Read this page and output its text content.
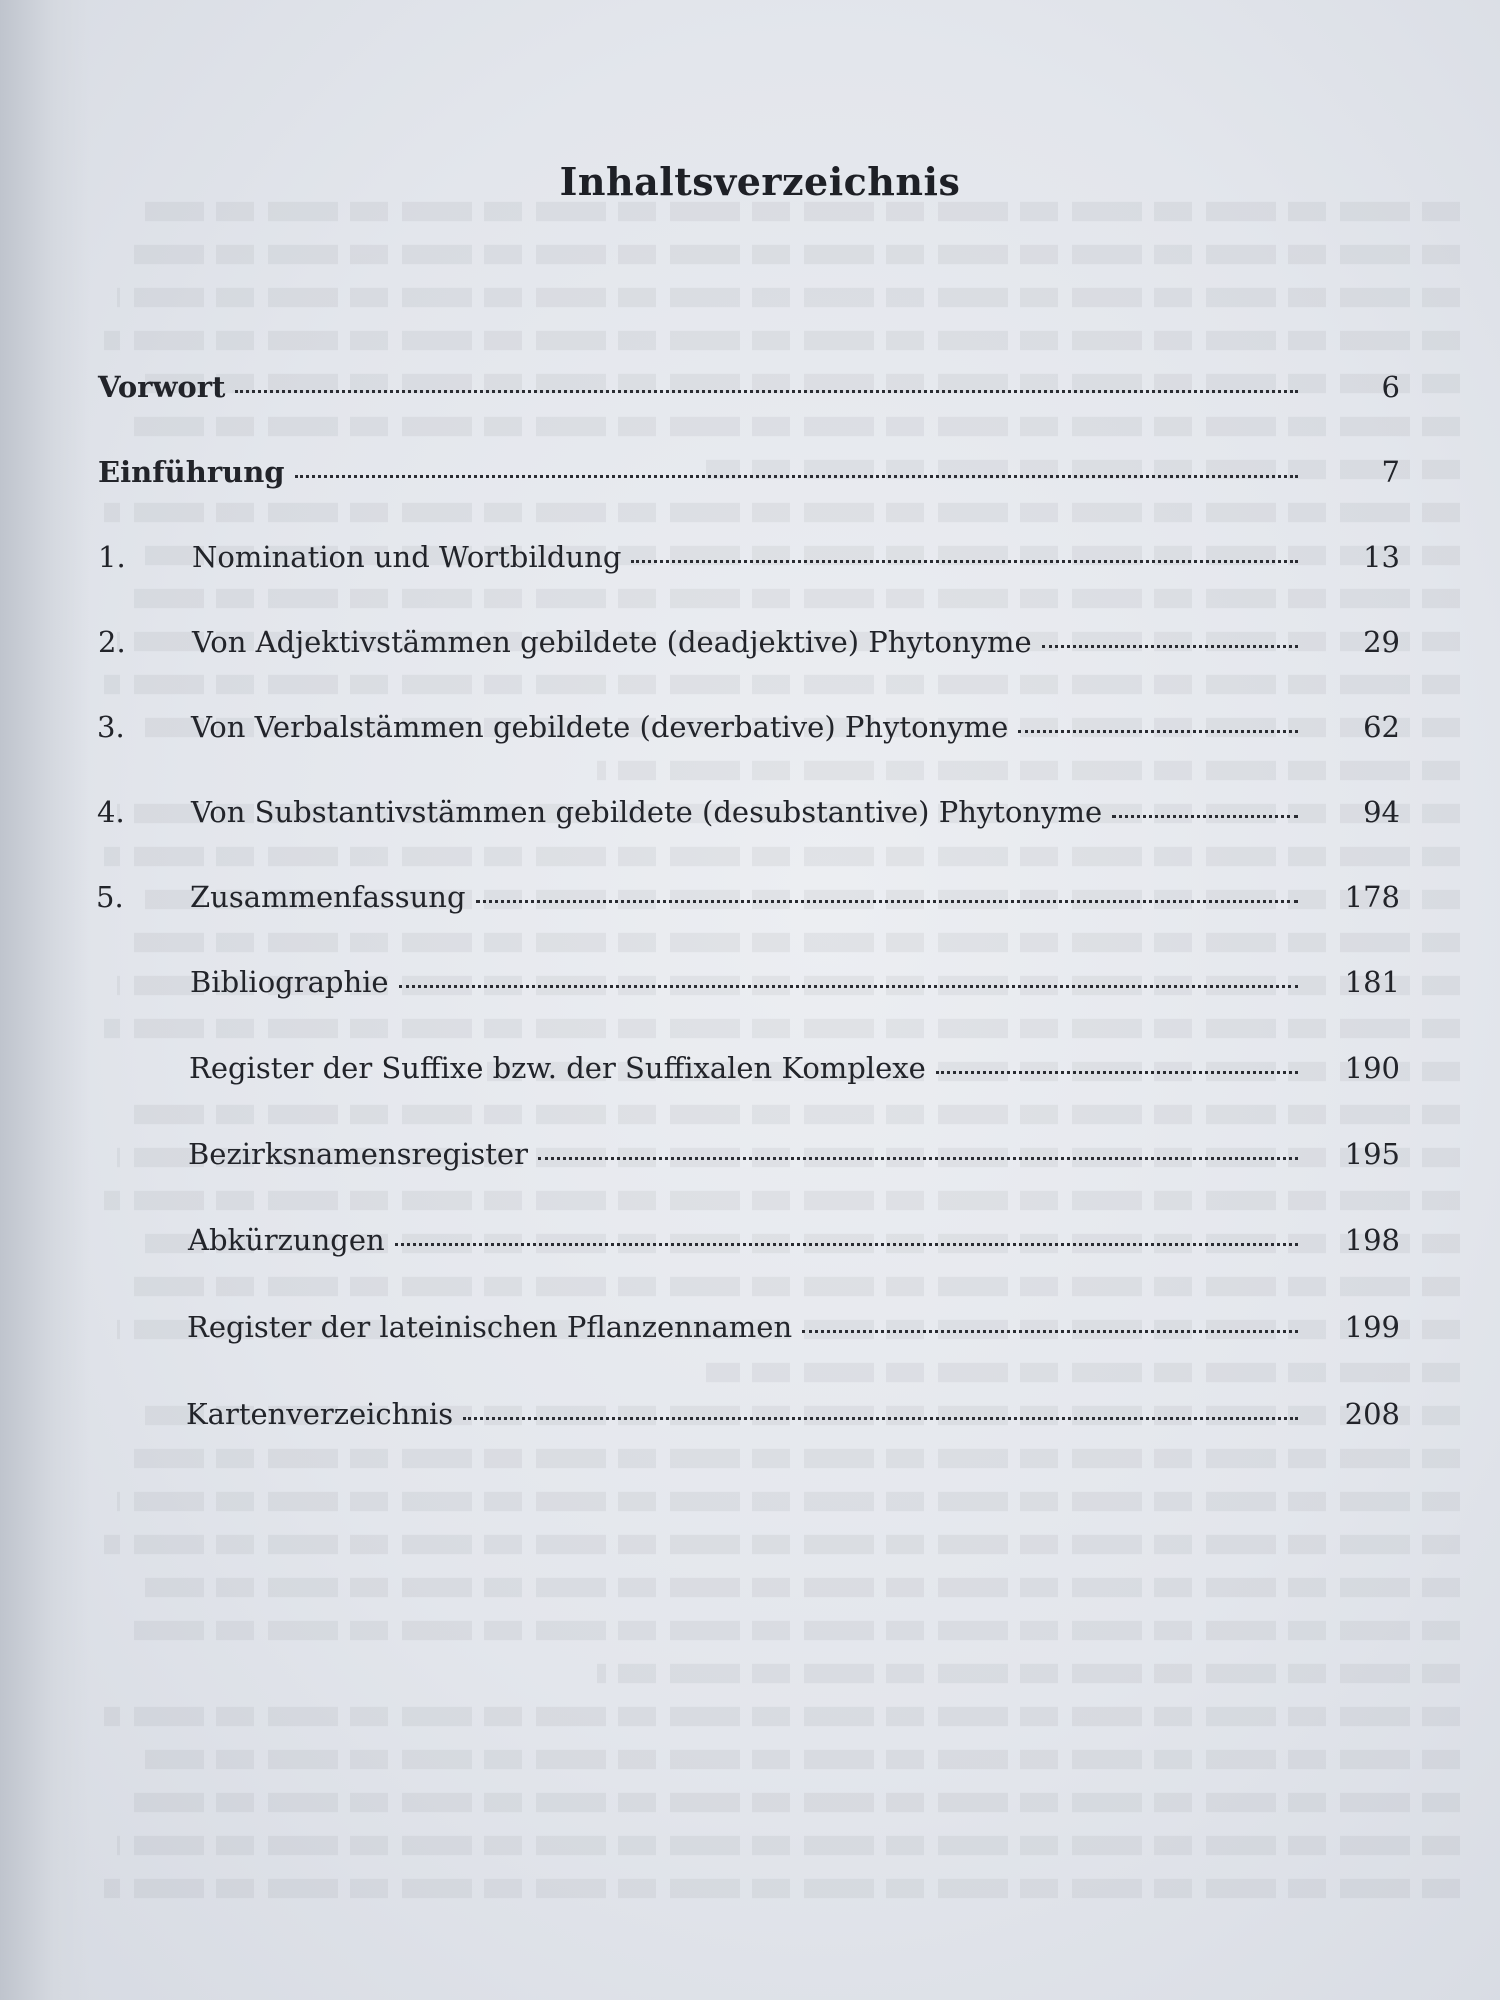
Inhaltsverzeichnis
Vorwort	6
Einführung	7
1.	Nomination und Wortbildung	13
2.	Von Adjektivstämmen gebildete (deadjektive) Phytonyme	29
3.	Von Verbalstämmen gebildete (deverbative) Phytonyme	62
4.	Von Substantivstämmen gebildete (desubstantive) Phytonyme	94
5.	Zusammenfassung	178
Bibliographie	181
Register der Suffixe bzw. der Suffixalen Komplexe	190
Bezirksnamensregister	195
Abkürzungen	198
Register der lateinischen Pflanzennamen	199
Kartenverzeichnis	208
